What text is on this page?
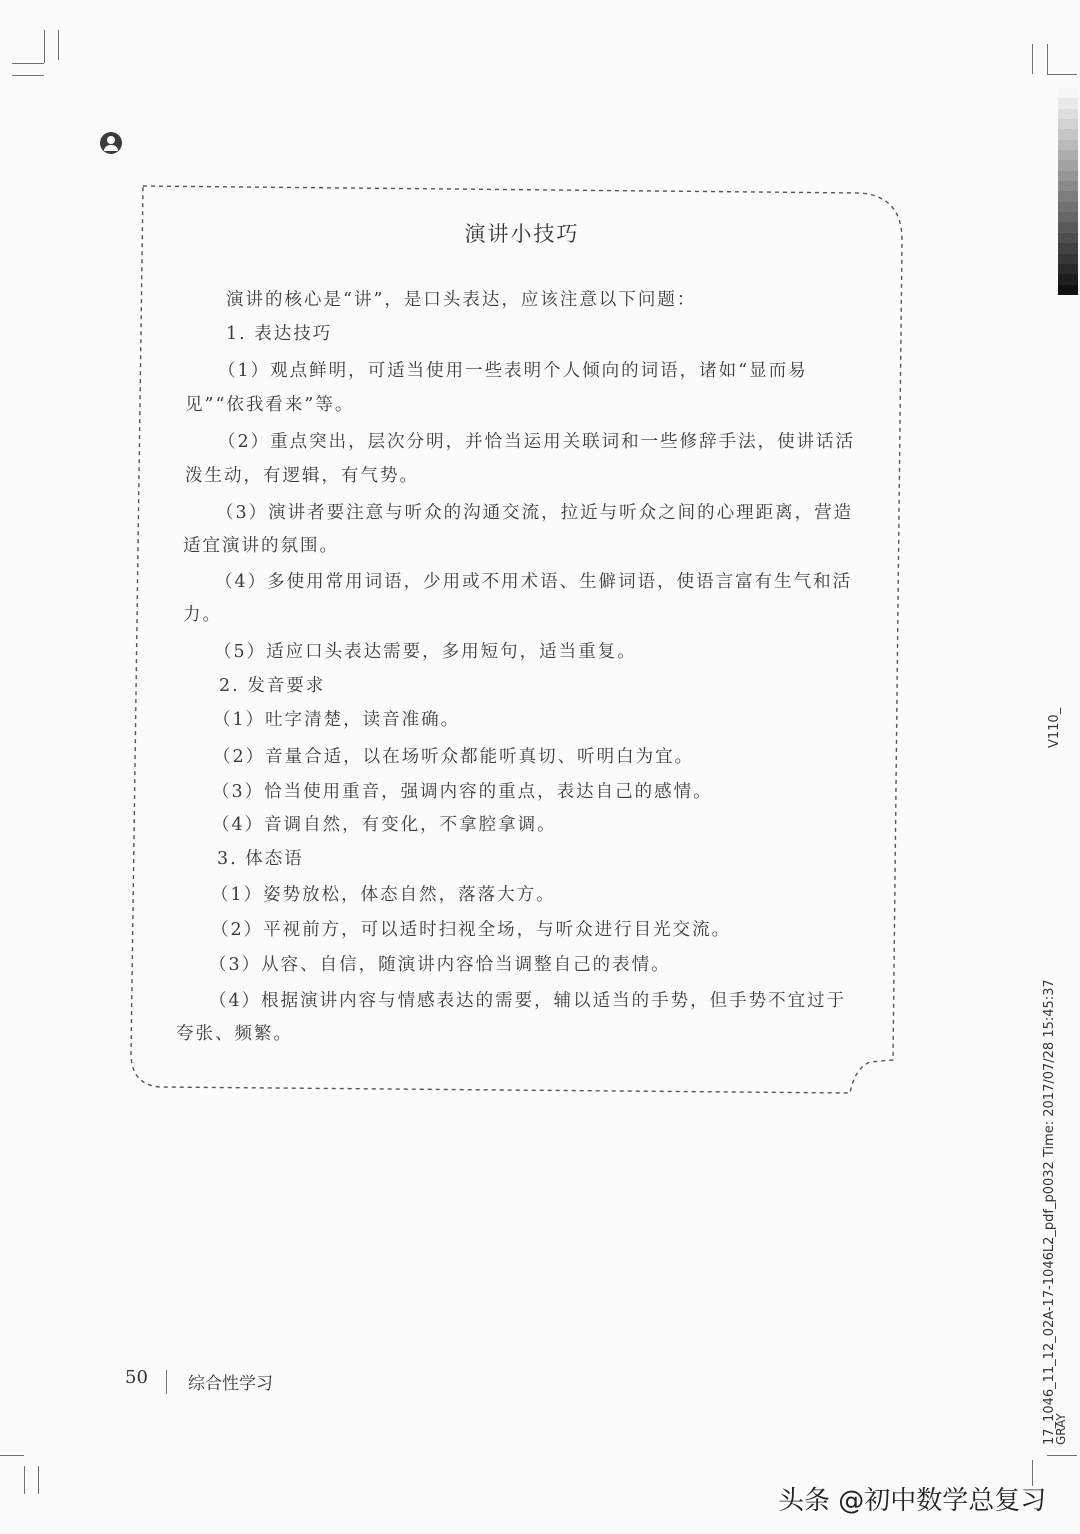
演讲小技巧
演讲的核心是“讲”，是口头表达，应该注意以下问题：
1. 表达技巧
（1）观点鲜明，可适当使用一些表明个人倾向的词语，诸如“显而易
见”“依我看来”等。
（2）重点突出，层次分明，并恰当运用关联词和一些修辞手法，使讲话活
泼生动，有逻辑，有气势。
（3）演讲者要注意与听众的沟通交流，拉近与听众之间的心理距离，营造
适宜演讲的氛围。
（4）多使用常用词语，少用或不用术语、生僻词语，使语言富有生气和活
力。
（5）适应口头表达需要，多用短句，适当重复。
2. 发音要求
（1）吐字清楚，读音准确。
（2）音量合适，以在场听众都能听真切、听明白为宜。
（3）恰当使用重音，强调内容的重点，表达自己的感情。
（4）音调自然，有变化，不拿腔拿调。
3. 体态语
（1）姿势放松，体态自然，落落大方。
（2）平视前方，可以适时扫视全场，与听众进行目光交流。
（3）从容、自信，随演讲内容恰当调整自己的表情。
（4）根据演讲内容与情感表达的需要，辅以适当的手势，但手势不宜过于
夸张、频繁。
50 综合性学习
V110_
17_1046_11_12_02A-17-1046L2_pdf_p0032 Time: 2017/07/28 15:45:37
GRAY
头条 @初中数学总复习
